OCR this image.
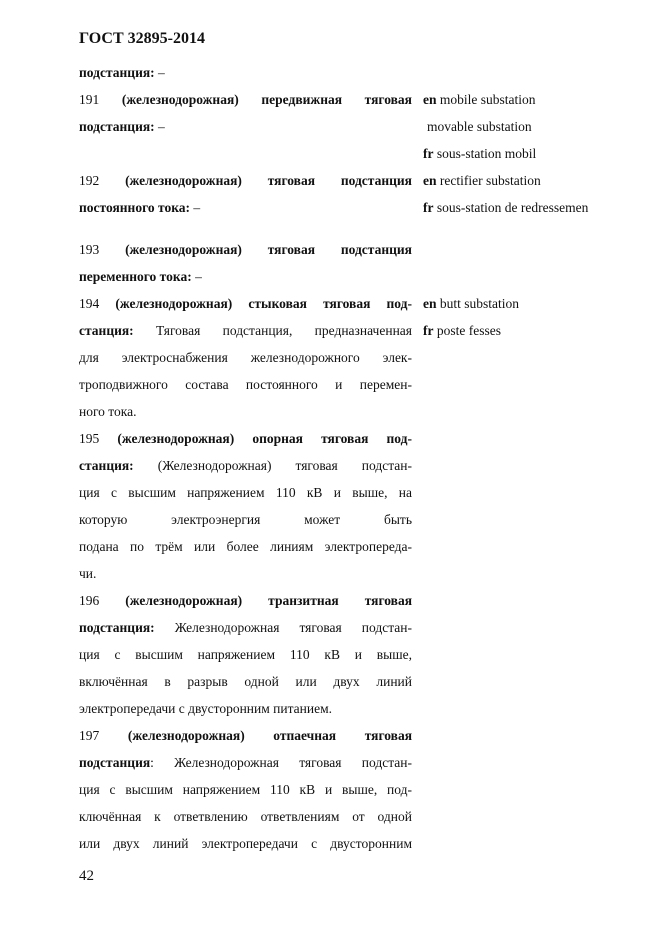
ГОСТ 32895-2014
подстанция: –
191 (железнодорожная) передвижная тяговая
подстанция: –
en mobile substation
movable substation
fr sous-station mobil
192 (железнодорожная) тяговая подстанция
постоянного тока: –
en rectifier substation
fr sous-station de redressemen
193 (железнодорожная) тяговая подстанция
переменного тока: –
194 (железнодорожная) стыковая тяговая под-
станция: Тяговая подстанция, предназначенная
для электроснабжения железнодорожного элек-
троподвижного состава постоянного и перемен-
ного тока.
en butt substation
fr poste fesses
195 (железнодорожная) опорная тяговая под-
станция: (Железнодорожная) тяговая подстан-
ция с высшим напряжением 110 кВ и выше, на
которую электроэнергия может быть
подана по трём или более линиям электропереда-
чи.
196 (железнодорожная) транзитная тяговая
подстанция: Железнодорожная тяговая подстан-
ция с высшим напряжением 110 кВ и выше,
включённая в разрыв одной или двух линий
электропередачи с двусторонним питанием.
197 (железнодорожная) отпаечная тяговая
подстанция: Железнодорожная тяговая подстан-
ция с высшим напряжением 110 кВ и выше, под-
ключённая к ответвлению ответвлениям от одной
или двух линий электропередачи с двусторонним
42
